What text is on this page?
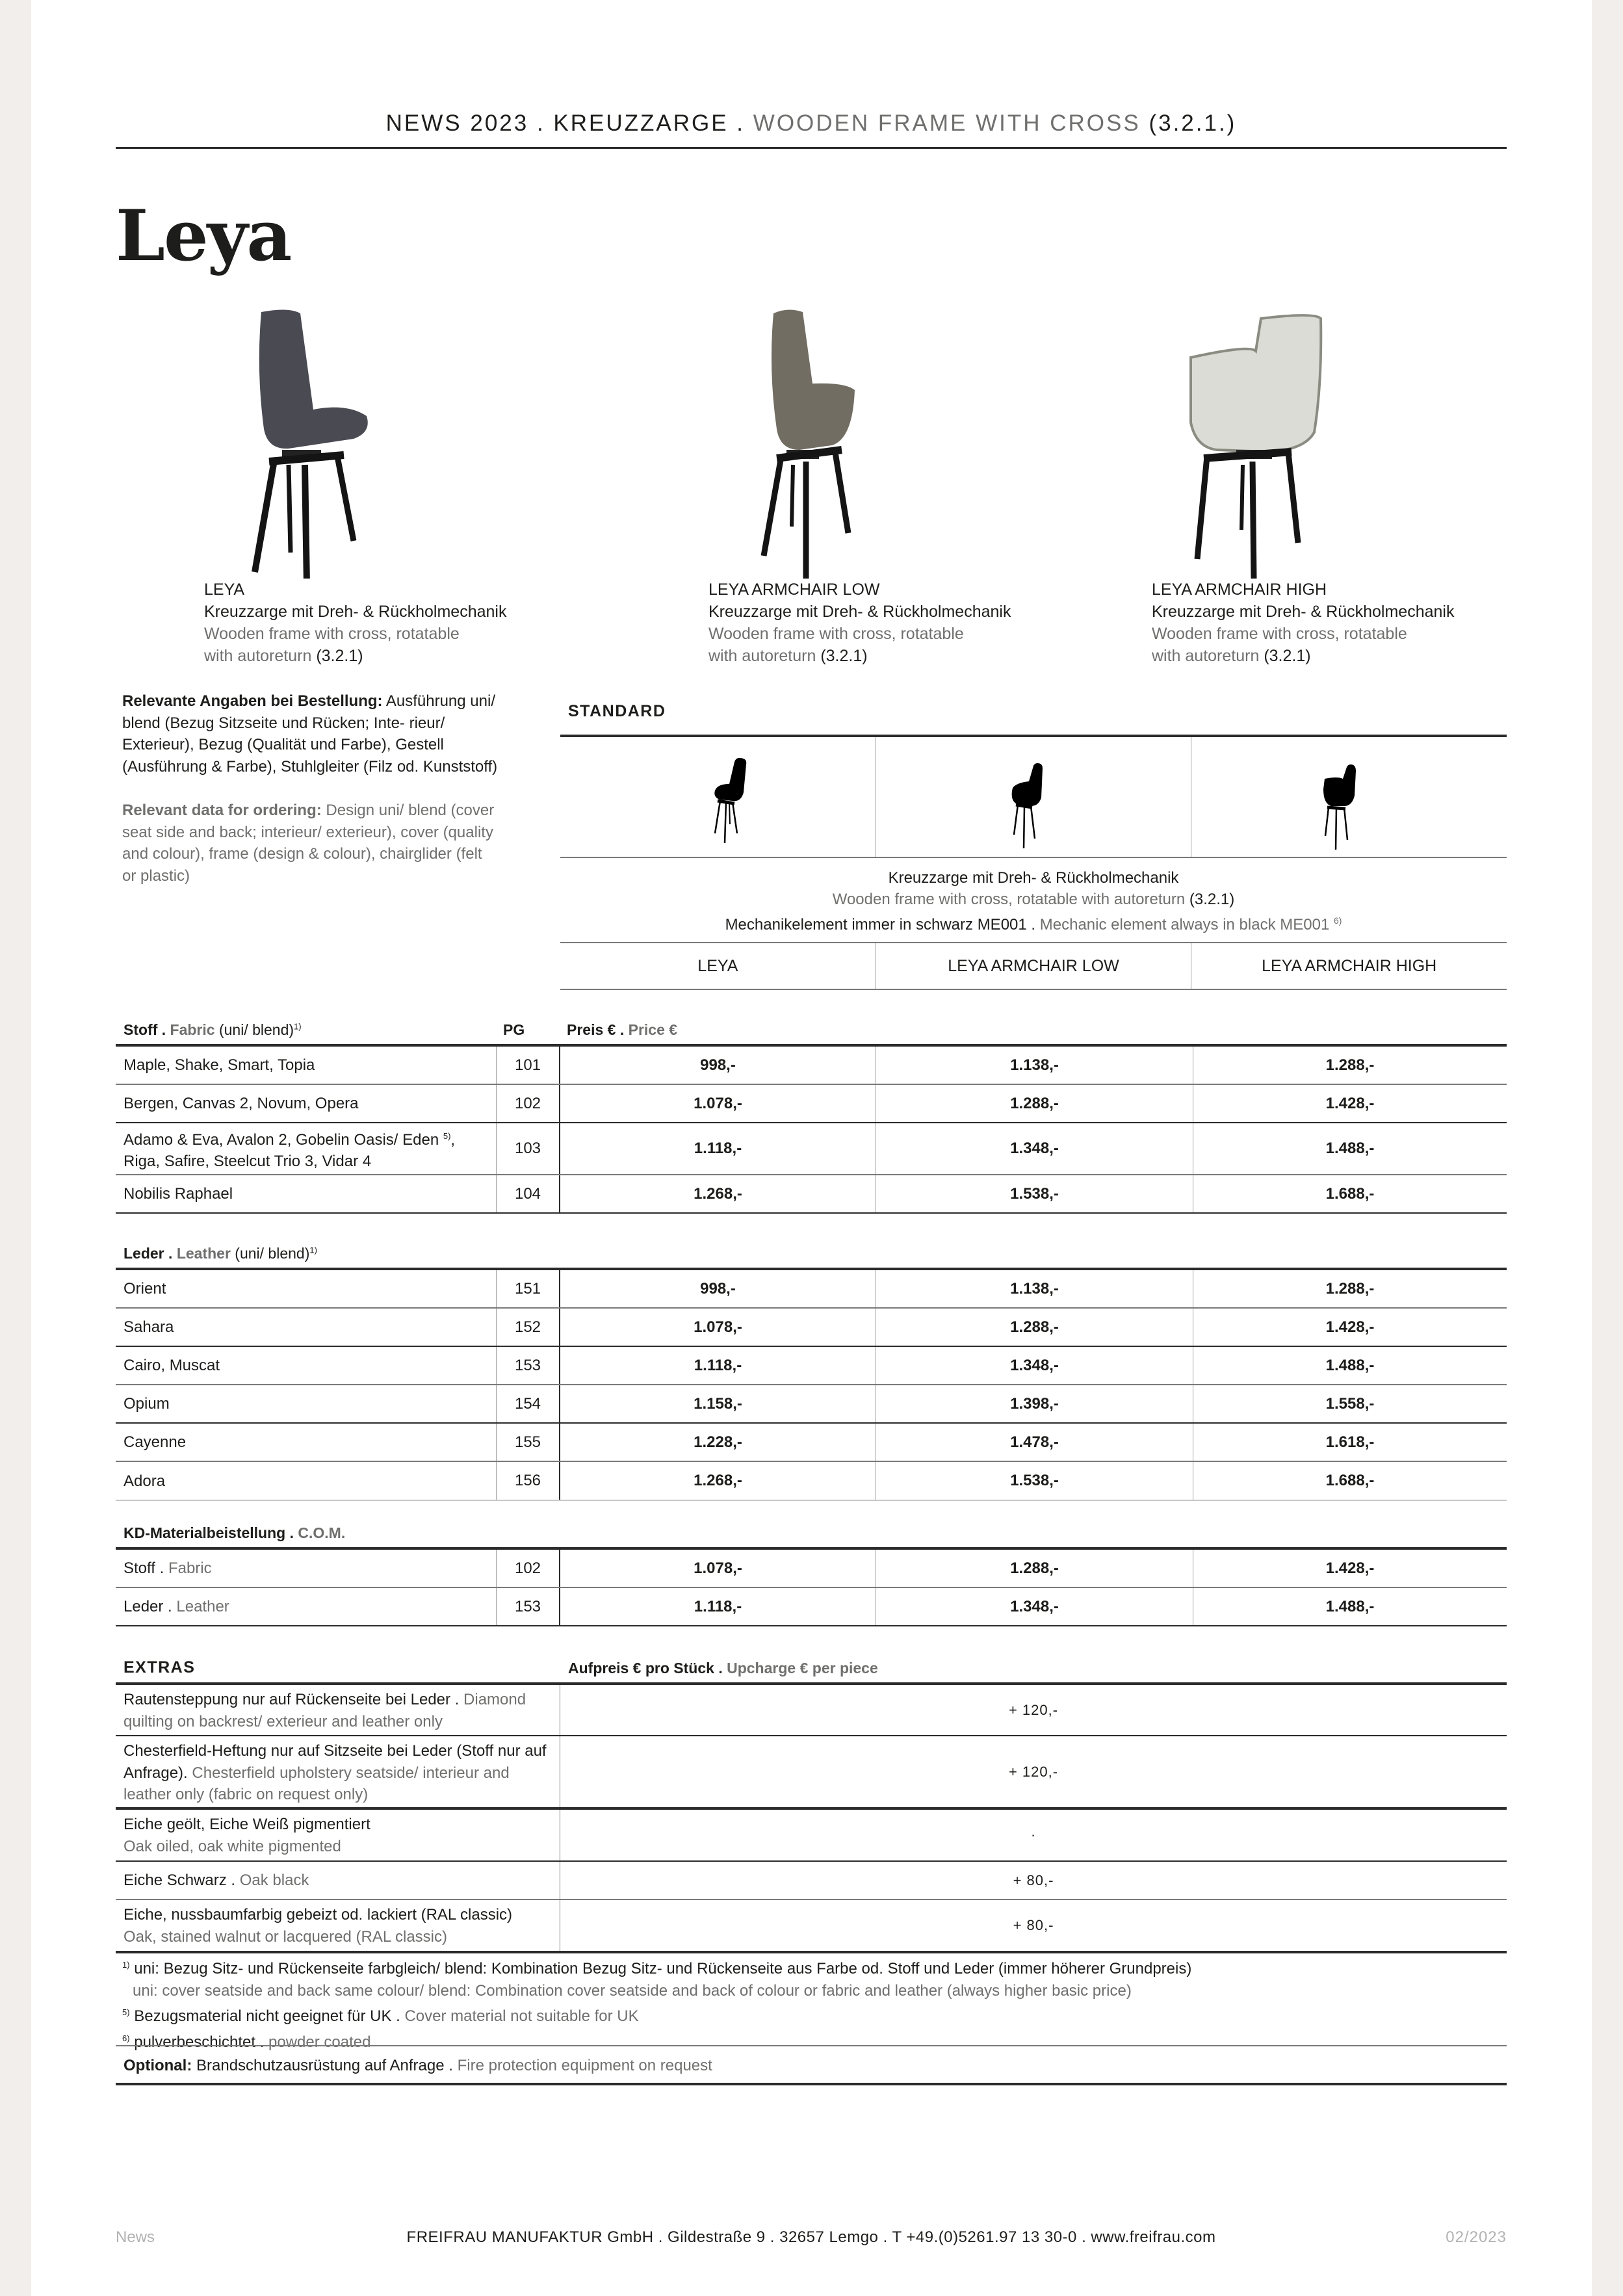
NEWS 2023 . KREUZZARGE . WOODEN FRAME WITH CROSS (3.2.1.)
Leya
LEYA
Kreuzzarge mit Dreh- & Rückholmechanik
Wooden frame with cross, rotatable
with autoreturn (3.2.1)
LEYA ARMCHAIR LOW
Kreuzzarge mit Dreh- & Rückholmechanik
Wooden frame with cross, rotatable
with autoreturn (3.2.1)
LEYA ARMCHAIR HIGH
Kreuzzarge mit Dreh- & Rückholmechanik
Wooden frame with cross, rotatable
with autoreturn (3.2.1)
Relevante Angaben bei Bestellung: Ausführung uni/ blend (Bezug Sitzseite und Rücken; Inte- rieur/ Exterieur), Bezug (Qualität und Farbe), Gestell (Ausführung & Farbe), Stuhlgleiter (Filz od. Kunststoff)
Relevant data for ordering: Design uni/ blend (cover seat side and back; interieur/ exterieur), cover (quality and colour), frame (design & colour), chairglider (felt or plastic)
STANDARD
Kreuzzarge mit Dreh- & Rückholmechanik
Wooden frame with cross, rotatable with autoreturn (3.2.1)
Mechanikelement immer in schwarz ME001 . Mechanic element always in black ME001 $^{6)}$
LEYA	LEYA ARMCHAIR LOW	LEYA ARMCHAIR HIGH
Stoff . Fabric (uni/ blend)$^{1)}$	PG	Preis € . Price €
Maple, Shake, Smart, Topia	101	998,-	1.138,-	1.288,-
Bergen, Canvas 2, Novum, Opera	102	1.078,-	1.288,-	1.428,-
Adamo & Eva, Avalon 2, Gobelin Oasis/ Eden $^{5)}$,
Riga, Safire, Steelcut Trio 3, Vidar 4
103	1.118,-	1.348,-	1.488,-
Nobilis Raphael	104	1.268,-	1.538,-	1.688,-
Leder . Leather (uni/ blend)$^{1)}$
Orient	151	998,-	1.138,-	1.288,-
Sahara	152	1.078,-	1.288,-	1.428,-
Cairo, Muscat	153	1.118,-	1.348,-	1.488,-
Opium	154	1.158,-	1.398,-	1.558,-
Cayenne	155	1.228,-	1.478,-	1.618,-
Adora	156	1.268,-	1.538,-	1.688,-
KD-Materialbeistellung . C.O.M.
Stoff .
Fabric	102	1.078,-	1.288,-	1.428,-
Leder .
Leather	153	1.118,-	1.348,-	1.488,-
EXTRAS	Aufpreis € pro Stück . Upcharge € per piece
Rautensteppung nur auf Rückenseite bei Leder . Diamond quilting on backrest/ exterieur and leather only
+ 120,-
Chesterfield-Heftung nur auf Sitzseite bei Leder (Stoff nur auf Anfrage). Chesterfield upholstery seatside/ interieur and leather only (fabric on request only)
+ 120,-
Eiche geölt, Eiche Weiß pigmentiert
Oak oiled, oak white pigmented
·
Eiche Schwarz .
Oak black	+ 80,-
Eiche, nussbaumfarbig gebeizt od. lackiert (RAL classic)
Oak, stained walnut or lacquered (RAL classic)
+ 80,-
$^{1)}$ uni: Bezug Sitz- und Rückenseite farbgleich/ blend: Kombination Bezug Sitz- und Rückenseite aus Farbe od. Stoff und Leder (immer höherer Grundpreis)
uni: cover seatside and back same colour/ blend: Combination cover seatside and back of colour or fabric and leather (always higher basic price)
$^{5)}$ Bezugsmaterial nicht geeignet für UK . Cover material not suitable for UK
$^{6)}$ pulverbeschichtet . powder coated
Optional: Brandschutzausrüstung auf Anfrage . Fire protection equipment on request
News	FREIFRAU MANUFAKTUR GmbH . Gildestraße 9 . 32657 Lemgo . T +49.(0)5261.97 13 30-0 . www.freifrau.com	02/2023
